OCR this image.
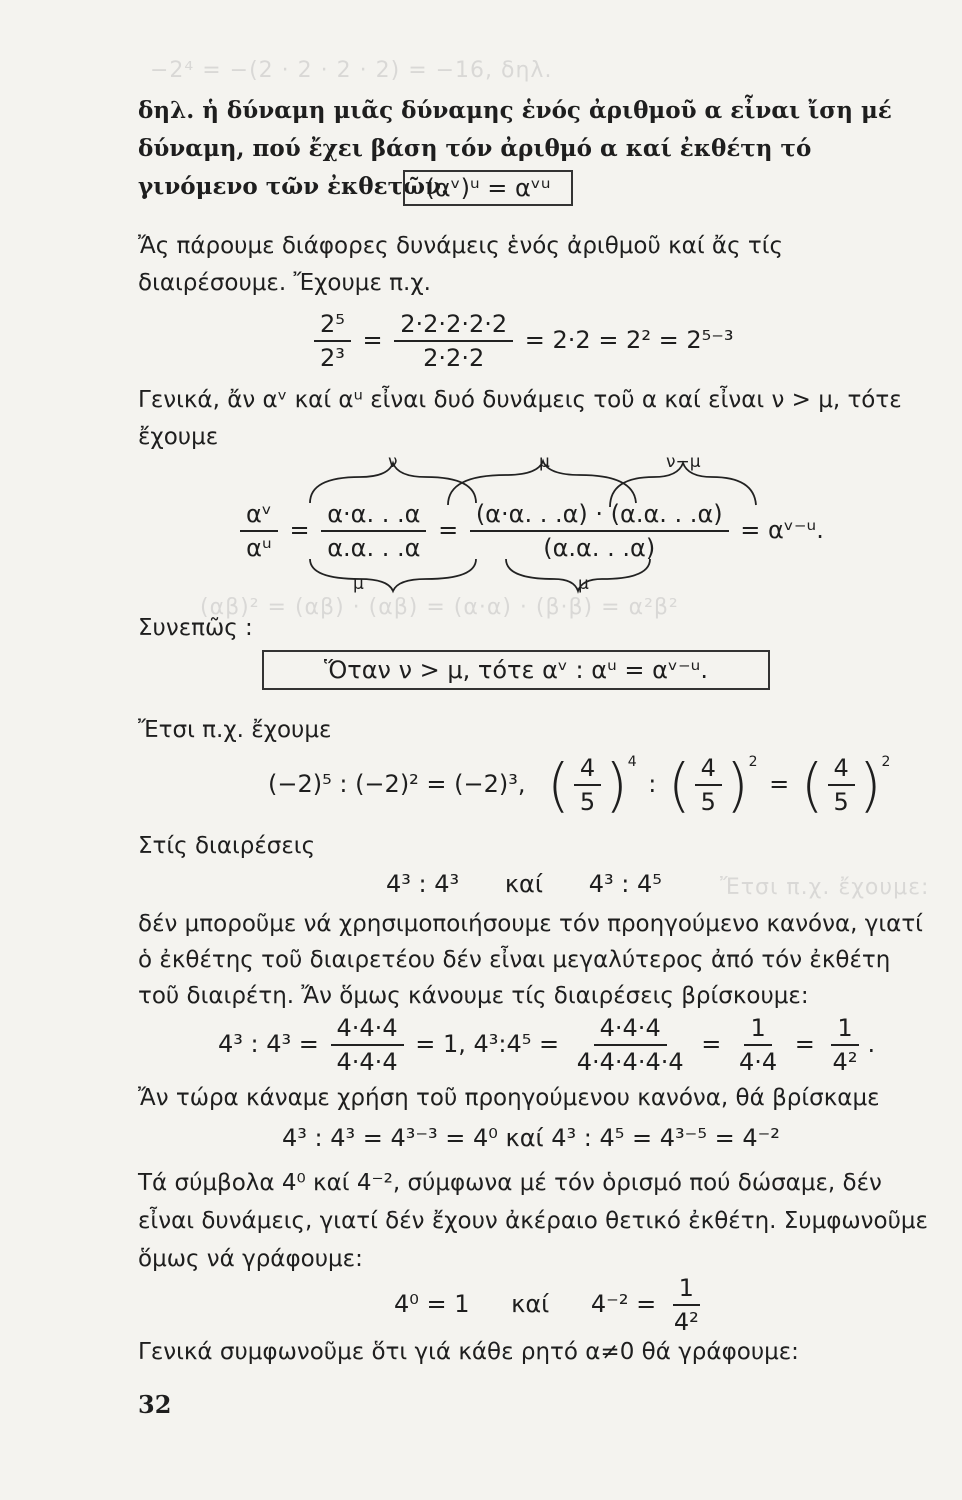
−2⁴ = −(2 · 2 · 2 · 2) = −16, δηλ.
(αβ)² = (αβ) · (αβ) = (α·α) · (β·β) = α²β²
Ἔτσι π.χ. ἔχουμε:
δηλ. ἡ δύναμη μιᾶς δύναμης ἑνός ἀριθμοῦ α εἶναι ἴση μέ δύναμη, πού ἔχει βάση τόν ἀριθμό α καί ἐκθέτη τό γινόμενο τῶν ἐκθετῶν.
(αᵛ)ᵘ = αᵛᵘ
Ἄς πάρουμε διάφορες δυνάμεις ἑνός ἀριθμοῦ καί ἄς τίς διαιρέσουμε. Ἔχουμε π.χ.
$\frac{\text{2⁵}}{\text{2³}} = \frac{2\cdot 2\cdot 2\cdot 2\cdot 2}{2\cdot 2\cdot 2} = 2\cdot 2 = 2^2 = 2^{5-3}$
Γενικά, ἄν αᵛ καί αᵘ εἶναι δυό δυνάμεις τοῦ α καί εἶναι ν > μ, τότε ἔχουμε
ν	μ	ν−μ
$\frac{\text{αᵛ}}{\text{αᵘ}} = \frac{\alpha\cdot\alpha. . .\alpha}{\alpha.\alpha. . .\alpha} = \frac{(\alpha\cdot\alpha. . .\alpha) \cdot (\alpha.\alpha. . .\alpha)}{(\alpha.\alpha. . .\alpha)}$ = αᵛ⁻ᵘ.
μ
μ
Συνεπῶς :
Ὅταν ν > μ, τότε αᵛ : αᵘ = αᵛ⁻ᵘ.
Ἔτσι π.χ. ἔχουμε
(−2)⁵ : (−2)² = (−2)³, ( $\frac{4}{5} )^4$ : ( $\frac{4}{5} )^2$ = ( $\frac{4}{5} )^2$
Στίς διαιρέσεις
4³ : 4³      καί      4³ : 4⁵
δέν μποροῦμε νά χρησιμοποιήσουμε τόν προηγούμενο κανόνα, γιατί ὁ ἐκθέτης τοῦ διαιρετέου δέν εἶναι μεγαλύτερος ἀπό τόν ἐκθέτη τοῦ διαιρέτη. Ἄν ὅμως κάνουμε τίς διαιρέσεις βρίσκουμε:
4³ : $4^3 = \frac{4\cdot 4\cdot 4}{4\cdot 4\cdot 4} = 1$, 4³:4⁵ = $\frac{4\cdot 4\cdot 4}{4\cdot 4\cdot 4\cdot 4\cdot 4} = \frac{1}{4\cdot 4} = \frac{1}{\text{4²}}$ .
Ἄν τώρα κάναμε χρήση τοῦ προηγούμενου κανόνα, θά βρίσκαμε
4³ : 4³ = 4³⁻³ = 4⁰ καί 4³ : 4⁵ = 4³⁻⁵ = 4⁻²
Τά σύμβολα 4⁰ καί 4⁻², σύμφωνα μέ τόν ὁρισμό πού δώσαμε, δέν εἶναι δυνάμεις, γιατί δέν ἔχουν ἀκέραιο θετικό ἐκθέτη. Συμφωνοῦμε ὅμως νά γράφουμε:
4⁰ = 1 καί $4^{-2} = \frac{1}{\text{4²}}$
Γενικά συμφωνοῦμε ὅτι γιά κάθε ρητό α≠0 θά γράφουμε:
32
